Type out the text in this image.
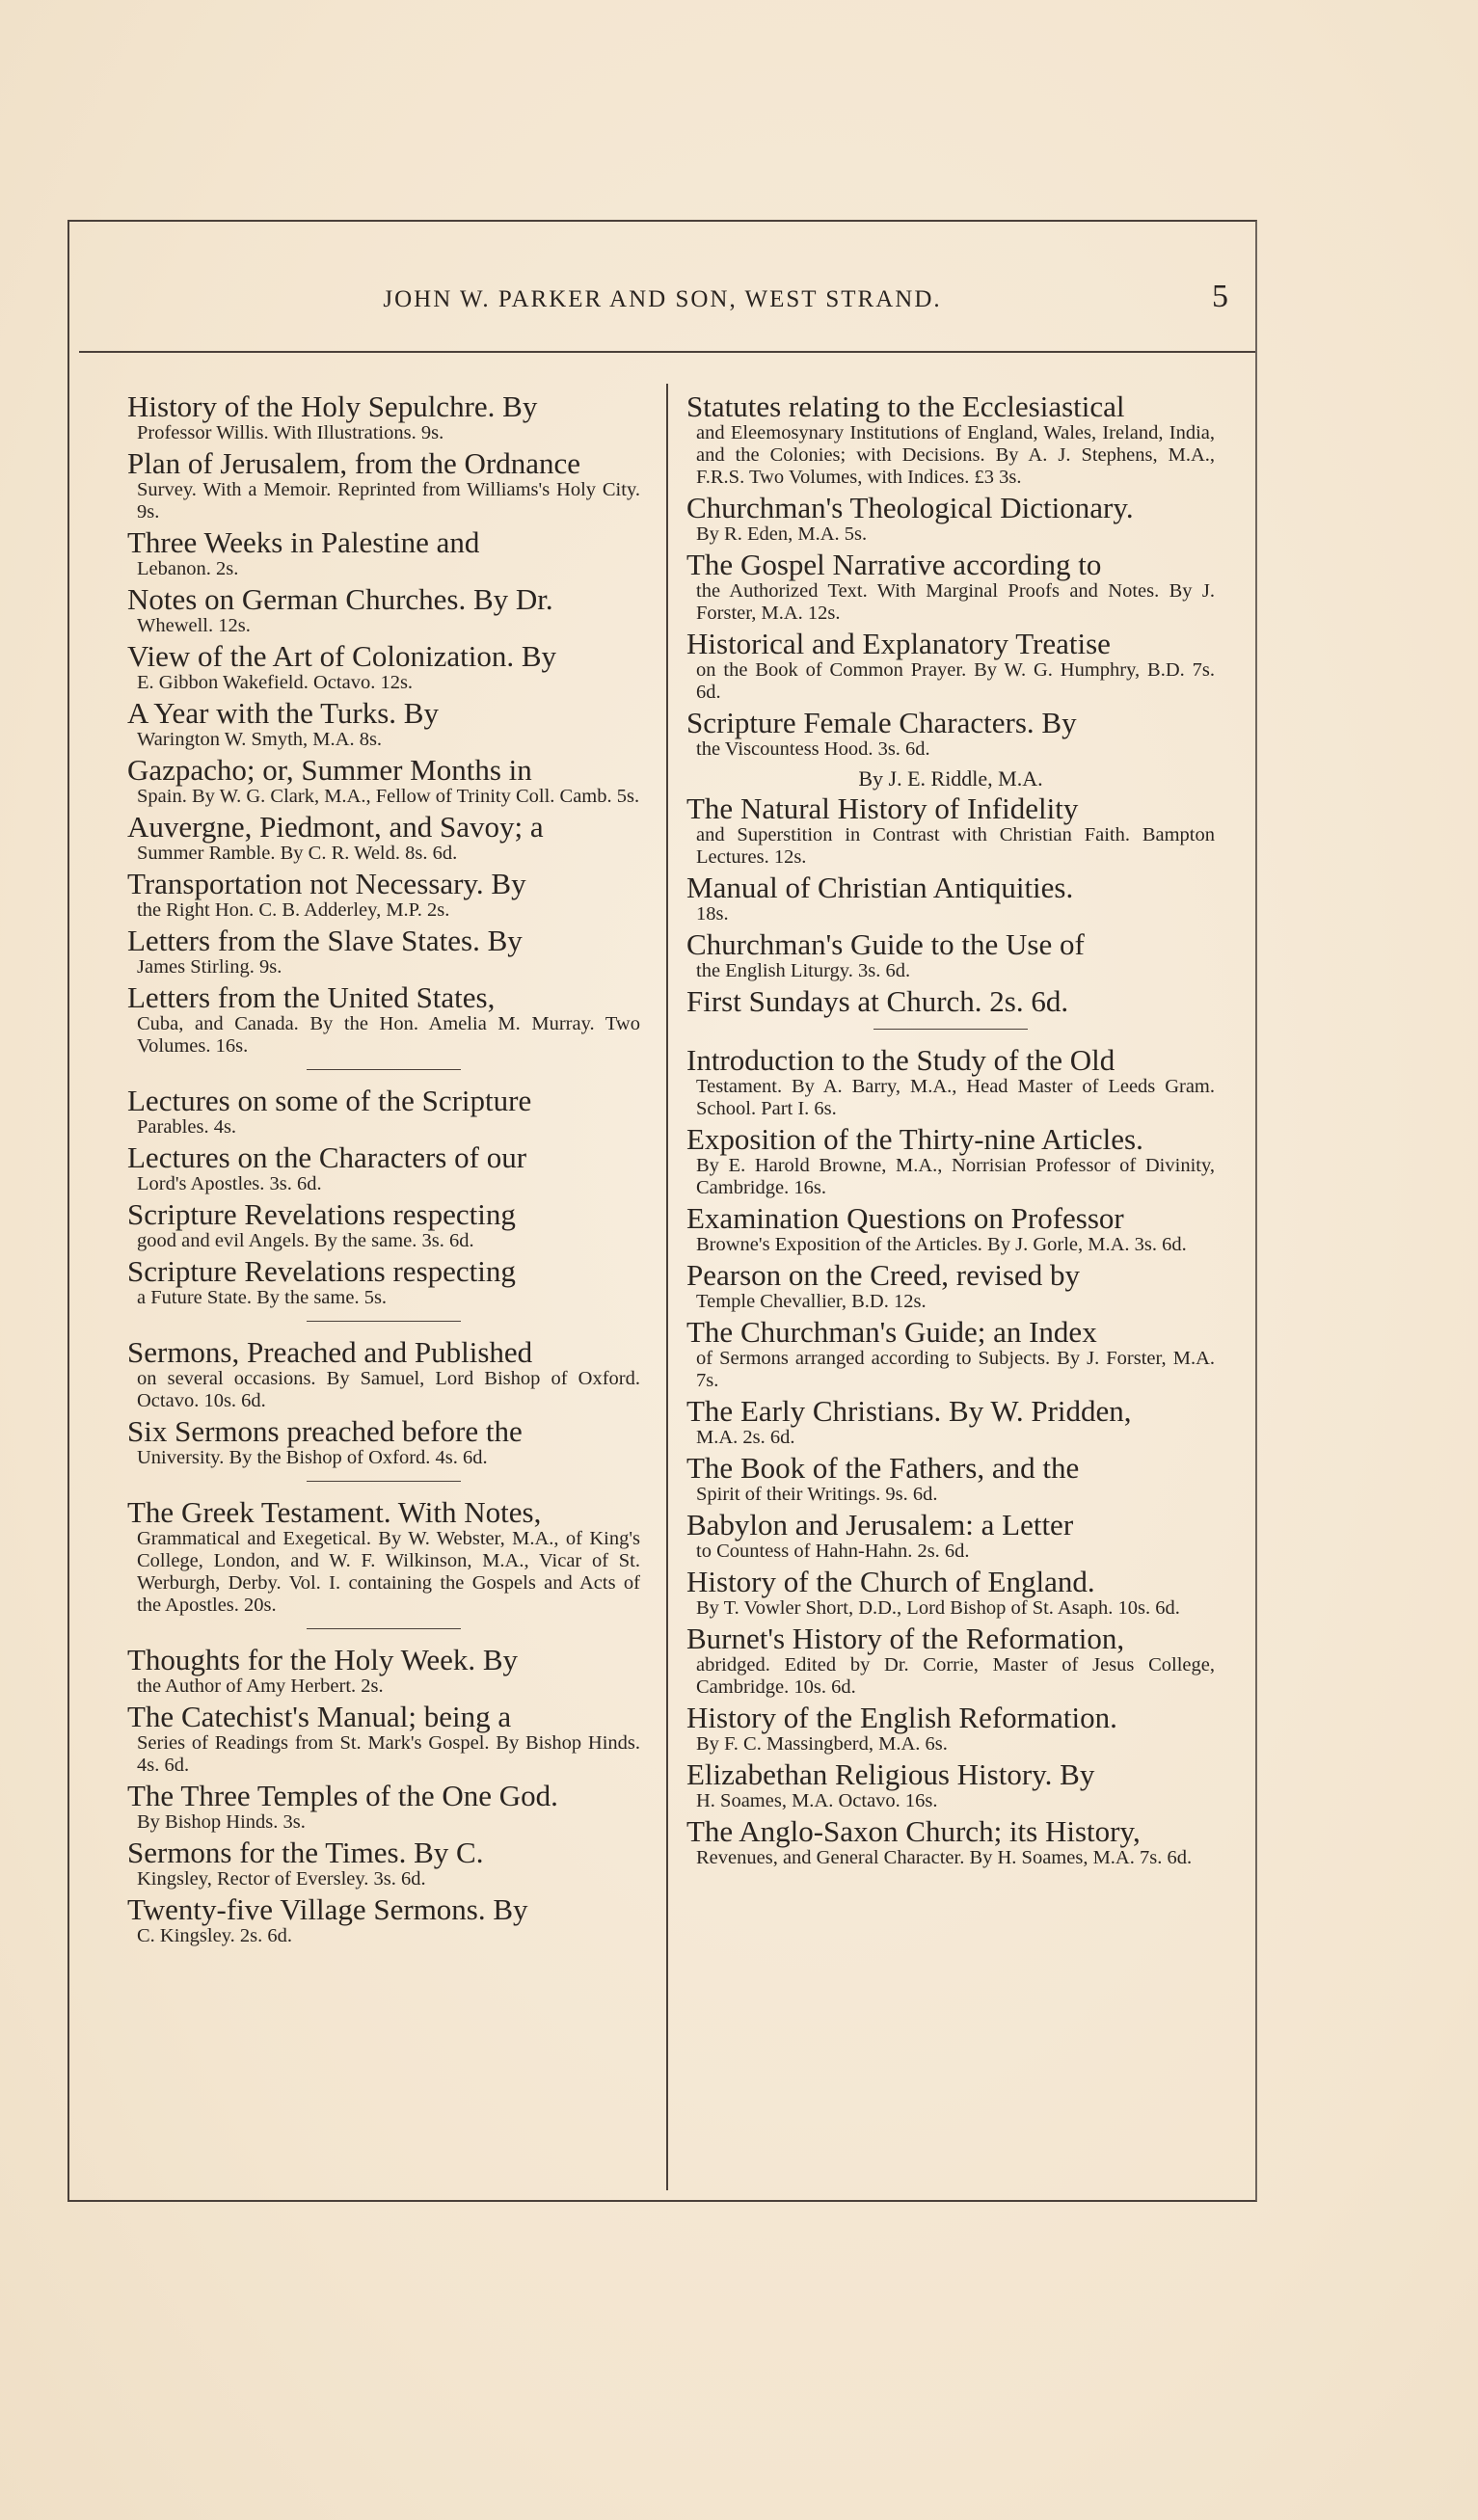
JOHN W. PARKER AND SON, WEST STRAND.	5
History of the Holy Sepulchre. By
Professor Willis. With Illustrations. 9s.
Plan of Jerusalem, from the Ordnance
Survey. With a Memoir. Reprinted from Williams's Holy City. 9s.
Three Weeks in Palestine and
Lebanon. 2s.
Notes on German Churches. By Dr.
Whewell. 12s.
View of the Art of Colonization. By
E. Gibbon Wakefield. Octavo. 12s.
A Year with the Turks. By
Warington W. Smyth, M.A. 8s.
Gazpacho; or, Summer Months in
Spain. By W. G. Clark, M.A., Fellow of Trinity Coll. Camb. 5s.
Auvergne, Piedmont, and Savoy; a
Summer Ramble. By C. R. Weld. 8s. 6d.
Transportation not Necessary. By
the Right Hon. C. B. Adderley, M.P. 2s.
Letters from the Slave States. By
James Stirling. 9s.
Letters from the United States,
Cuba, and Canada. By the Hon. Amelia M. Murray. Two Volumes. 16s.
Lectures on some of the Scripture
Parables. 4s.
Lectures on the Characters of our
Lord's Apostles. 3s. 6d.
Scripture Revelations respecting
good and evil Angels. By the same. 3s. 6d.
Scripture Revelations respecting
a Future State. By the same. 5s.
Sermons, Preached and Published
on several occasions. By Samuel, Lord Bishop of Oxford. Octavo. 10s. 6d.
Six Sermons preached before the
University. By the Bishop of Oxford. 4s. 6d.
The Greek Testament. With Notes,
Grammatical and Exegetical. By W. Webster, M.A., of King's College, London, and W. F. Wilkinson, M.A., Vicar of St. Werburgh, Derby. Vol. I. containing the Gospels and Acts of the Apostles. 20s.
Thoughts for the Holy Week. By
the Author of Amy Herbert. 2s.
The Catechist's Manual; being a
Series of Readings from St. Mark's Gospel. By Bishop Hinds. 4s. 6d.
The Three Temples of the One God.
By Bishop Hinds. 3s.
Sermons for the Times. By C.
Kingsley, Rector of Eversley. 3s. 6d.
Twenty-five Village Sermons. By
C. Kingsley. 2s. 6d.
Statutes relating to the Ecclesiastical
and Eleemosynary Institutions of England, Wales, Ireland, India, and the Colonies; with Decisions. By A. J. Stephens, M.A., F.R.S. Two Volumes, with Indices. £3 3s.
Churchman's Theological Dictionary.
By R. Eden, M.A. 5s.
The Gospel Narrative according to
the Authorized Text. With Marginal Proofs and Notes. By J. Forster, M.A. 12s.
Historical and Explanatory Treatise
on the Book of Common Prayer. By W. G. Humphry, B.D. 7s. 6d.
Scripture Female Characters. By
the Viscountess Hood. 3s. 6d.
By J. E. Riddle, M.A.
The Natural History of Infidelity
and Superstition in Contrast with Christian Faith. Bampton Lectures. 12s.
Manual of Christian Antiquities.
18s.
Churchman's Guide to the Use of
the English Liturgy. 3s. 6d.
First Sundays at Church. 2s. 6d.
Introduction to the Study of the Old
Testament. By A. Barry, M.A., Head Master of Leeds Gram. School. Part I. 6s.
Exposition of the Thirty-nine Articles.
By E. Harold Browne, M.A., Norrisian Professor of Divinity, Cambridge. 16s.
Examination Questions on Professor
Browne's Exposition of the Articles. By J. Gorle, M.A. 3s. 6d.
Pearson on the Creed, revised by
Temple Chevallier, B.D. 12s.
The Churchman's Guide; an Index
of Sermons arranged according to Subjects. By J. Forster, M.A. 7s.
The Early Christians. By W. Pridden,
M.A. 2s. 6d.
The Book of the Fathers, and the
Spirit of their Writings. 9s. 6d.
Babylon and Jerusalem: a Letter
to Countess of Hahn-Hahn. 2s. 6d.
History of the Church of England.
By T. Vowler Short, D.D., Lord Bishop of St. Asaph. 10s. 6d.
Burnet's History of the Reformation,
abridged. Edited by Dr. Corrie, Master of Jesus College, Cambridge. 10s. 6d.
History of the English Reformation.
By F. C. Massingberd, M.A. 6s.
Elizabethan Religious History. By
H. Soames, M.A. Octavo. 16s.
The Anglo-Saxon Church; its History,
Revenues, and General Character. By H. Soames, M.A. 7s. 6d.
